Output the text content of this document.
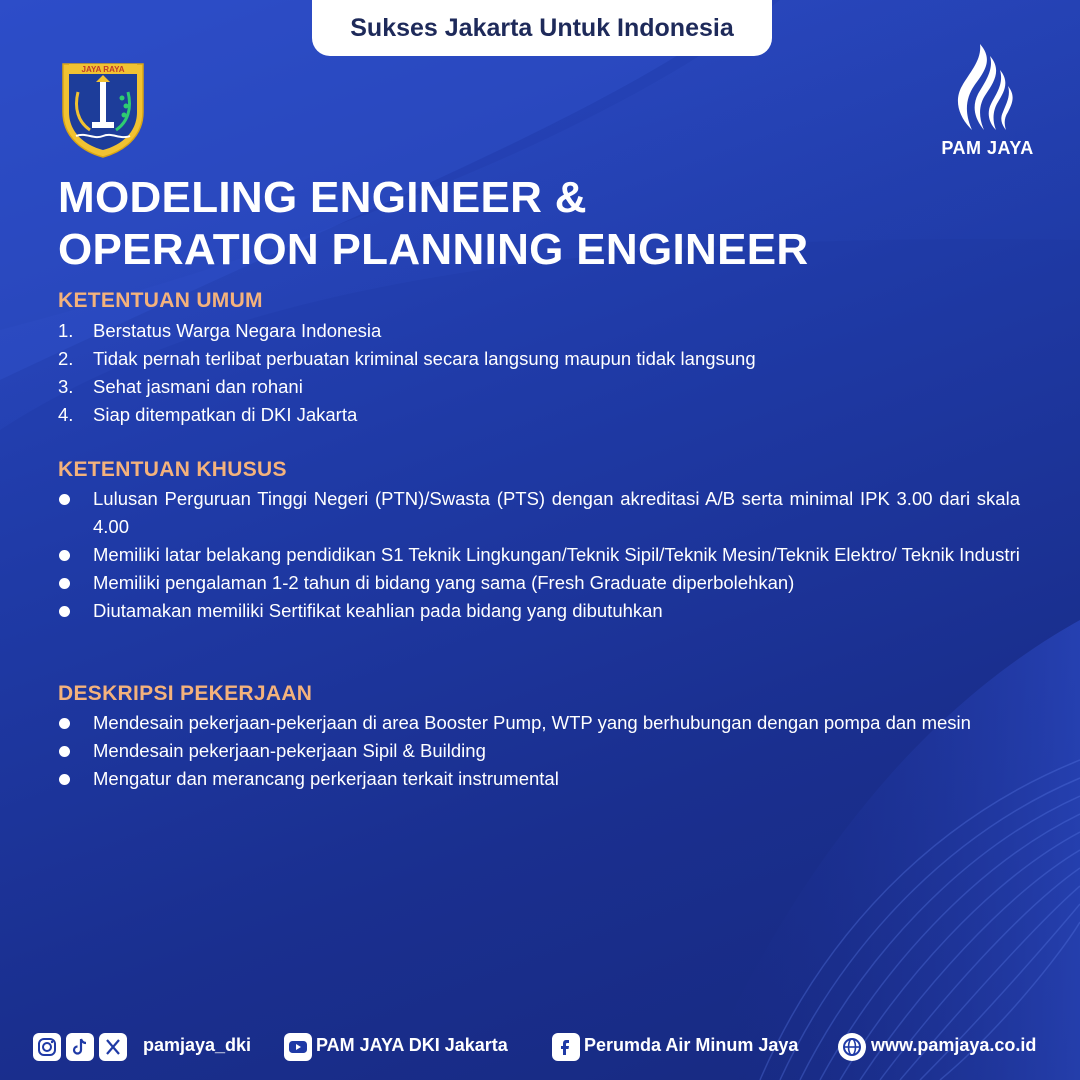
Sukses Jakarta Untuk Indonesia
JAYA RAYA
PAM JAYA
MODELING ENGINEER &
OPERATION PLANNING ENGINEER
KETENTUAN UMUM
1.	Berstatus Warga Negara Indonesia
2.	Tidak pernah terlibat perbuatan kriminal secara langsung maupun tidak langsung
3.	Sehat jasmani dan rohani
4.	Siap ditempatkan di DKI Jakarta
KETENTUAN KHUSUS
Lulusan Perguruan Tinggi Negeri (PTN)/Swasta (PTS) dengan akreditasi A/B serta minimal IPK 3.00 dari skala 4.00
Memiliki latar belakang pendidikan S1 Teknik Lingkungan/Teknik Sipil/Teknik Mesin/Teknik Elektro/ Teknik Industri
Memiliki pengalaman 1-2 tahun di bidang yang sama (Fresh Graduate diperbolehkan)
Diutamakan memiliki Sertifikat keahlian pada bidang yang dibutuhkan
DESKRIPSI PEKERJAAN
Mendesain pekerjaan-pekerjaan di area Booster Pump, WTP yang berhubungan dengan pompa dan mesin
Mendesain pekerjaan-pekerjaan Sipil & Building
Mengatur dan merancang perkerjaan terkait instrumental
pamjaya_dki	PAM JAYA DKI Jakarta	Perumda Air Minum Jaya	www.pamjaya.co.id
